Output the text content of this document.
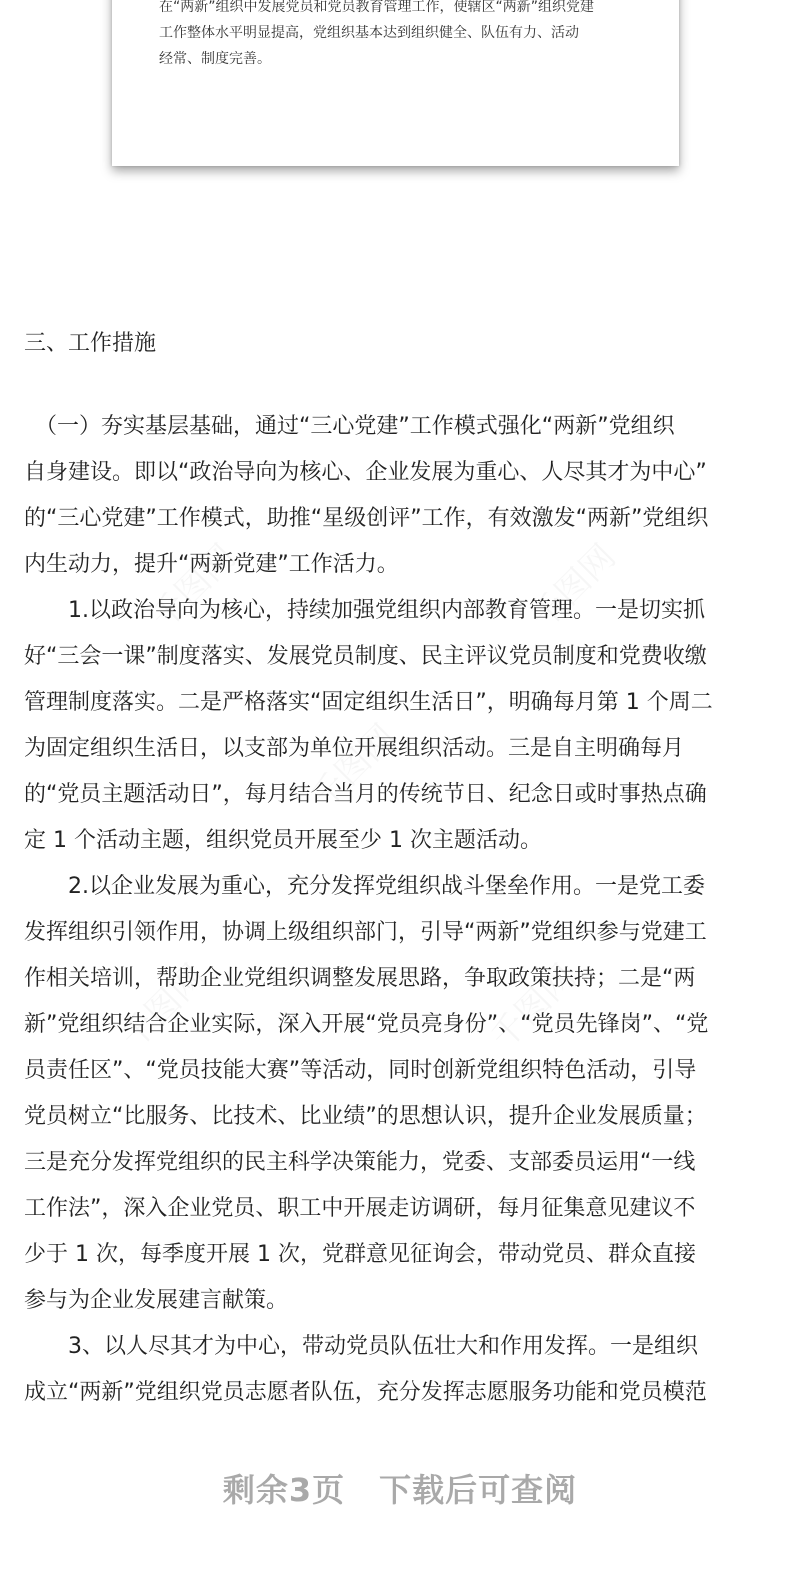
在“两新”组织中发展党员和党员教育管理工作，使辖区“两新”组织党建
工作整体水平明显提高，党组织基本达到组织健全、队伍有力、活动
经常、制度完善。
三、工作措施
　（一）夯实基层基础，通过“三心党建”工作模式强化“两新”党组织
自身建设。即以“政治导向为核心、企业发展为重心、人尽其才为中心”
的“三心党建”工作模式，助推“星级创评”工作，有效激发“两新”党组织
内生动力，提升“两新党建”工作活力。
　　1.以政治导向为核心，持续加强党组织内部教育管理。一是切实抓
好“三会一课”制度落实、发展党员制度、民主评议党员制度和党费收缴
管理制度落实。二是严格落实“固定组织生活日”，明确每月第 1 个周二
为固定组织生活日，以支部为单位开展组织活动。三是自主明确每月
的“党员主题活动日”，每月结合当月的传统节日、纪念日或时事热点确
定 1 个活动主题，组织党员开展至少 1 次主题活动。
　　2.以企业发展为重心，充分发挥党组织战斗堡垒作用。一是党工委
发挥组织引领作用，协调上级组织部门，引导“两新”党组织参与党建工
作相关培训，帮助企业党组织调整发展思路，争取政策扶持；二是“两
新”党组织结合企业实际，深入开展“党员亮身份”、“党员先锋岗”、“党
员责任区”、“党员技能大赛”等活动，同时创新党组织特色活动，引导
党员树立“比服务、比技术、比业绩”的思想认识，提升企业发展质量；
三是充分发挥党组织的民主科学决策能力，党委、支部委员运用“一线
工作法”，深入企业党员、职工中开展走访调研，每月征集意见建议不
少于 1 次，每季度开展 1 次，党群意见征询会，带动党员、群众直接
参与为企业发展建言献策。
　　3、以人尽其才为中心，带动党员队伍壮大和作用发挥。一是组织
成立“两新”党组织党员志愿者队伍，充分发挥志愿服务功能和党员模范
剩余3页 下载后可查阅
